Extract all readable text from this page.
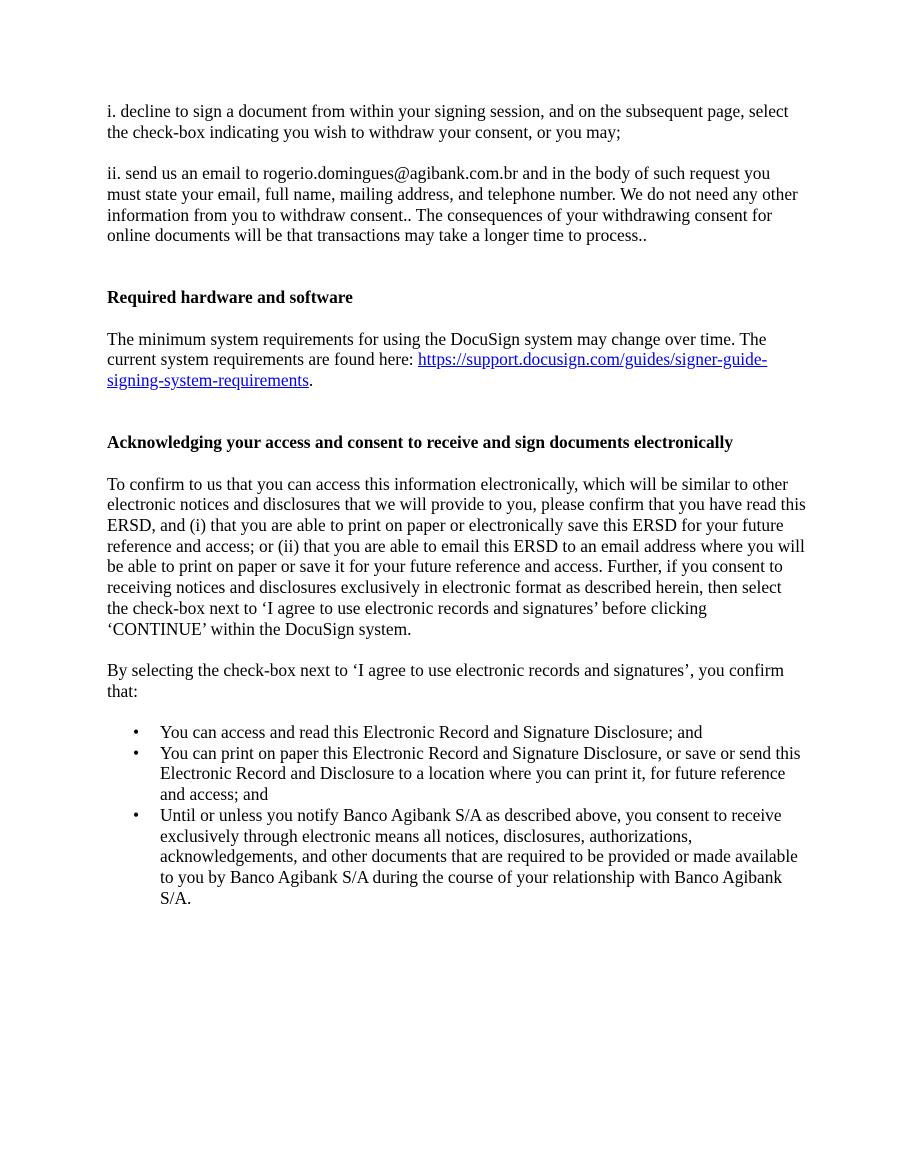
i. decline to sign a document from within your signing session, and on the subsequent page, select the check-box indicating you wish to withdraw your consent, or you may;

ii. send us an email to rogerio.domingues@agibank.com.br and in the body of such request you must state your email, full name, mailing address, and telephone number. We do not need any other information from you to withdraw consent.. The consequences of your withdrawing consent for online documents will be that transactions may take a longer time to process..

Required hardware and software

The minimum system requirements for using the DocuSign system may change over time. The current system requirements are found here: https://support.docusign.com/guides/signer-guide-signing-system-requirements.

Acknowledging your access and consent to receive and sign documents electronically

To confirm to us that you can access this information electronically, which will be similar to other electronic notices and disclosures that we will provide to you, please confirm that you have read this ERSD, and (i) that you are able to print on paper or electronically save this ERSD for your future reference and access; or (ii) that you are able to email this ERSD to an email address where you will be able to print on paper or save it for your future reference and access. Further, if you consent to receiving notices and disclosures exclusively in electronic format as described herein, then select the check-box next to ‘I agree to use electronic records and signatures’ before clicking ‘CONTINUE’ within the DocuSign system.

By selecting the check-box next to ‘I agree to use electronic records and signatures’, you confirm that:

• You can access and read this Electronic Record and Signature Disclosure; and
• You can print on paper this Electronic Record and Signature Disclosure, or save or send this Electronic Record and Disclosure to a location where you can print it, for future reference and access; and
• Until or unless you notify Banco Agibank S/A as described above, you consent to receive exclusively through electronic means all notices, disclosures, authorizations, acknowledgements, and other documents that are required to be provided or made available to you by Banco Agibank S/A during the course of your relationship with Banco Agibank S/A.
